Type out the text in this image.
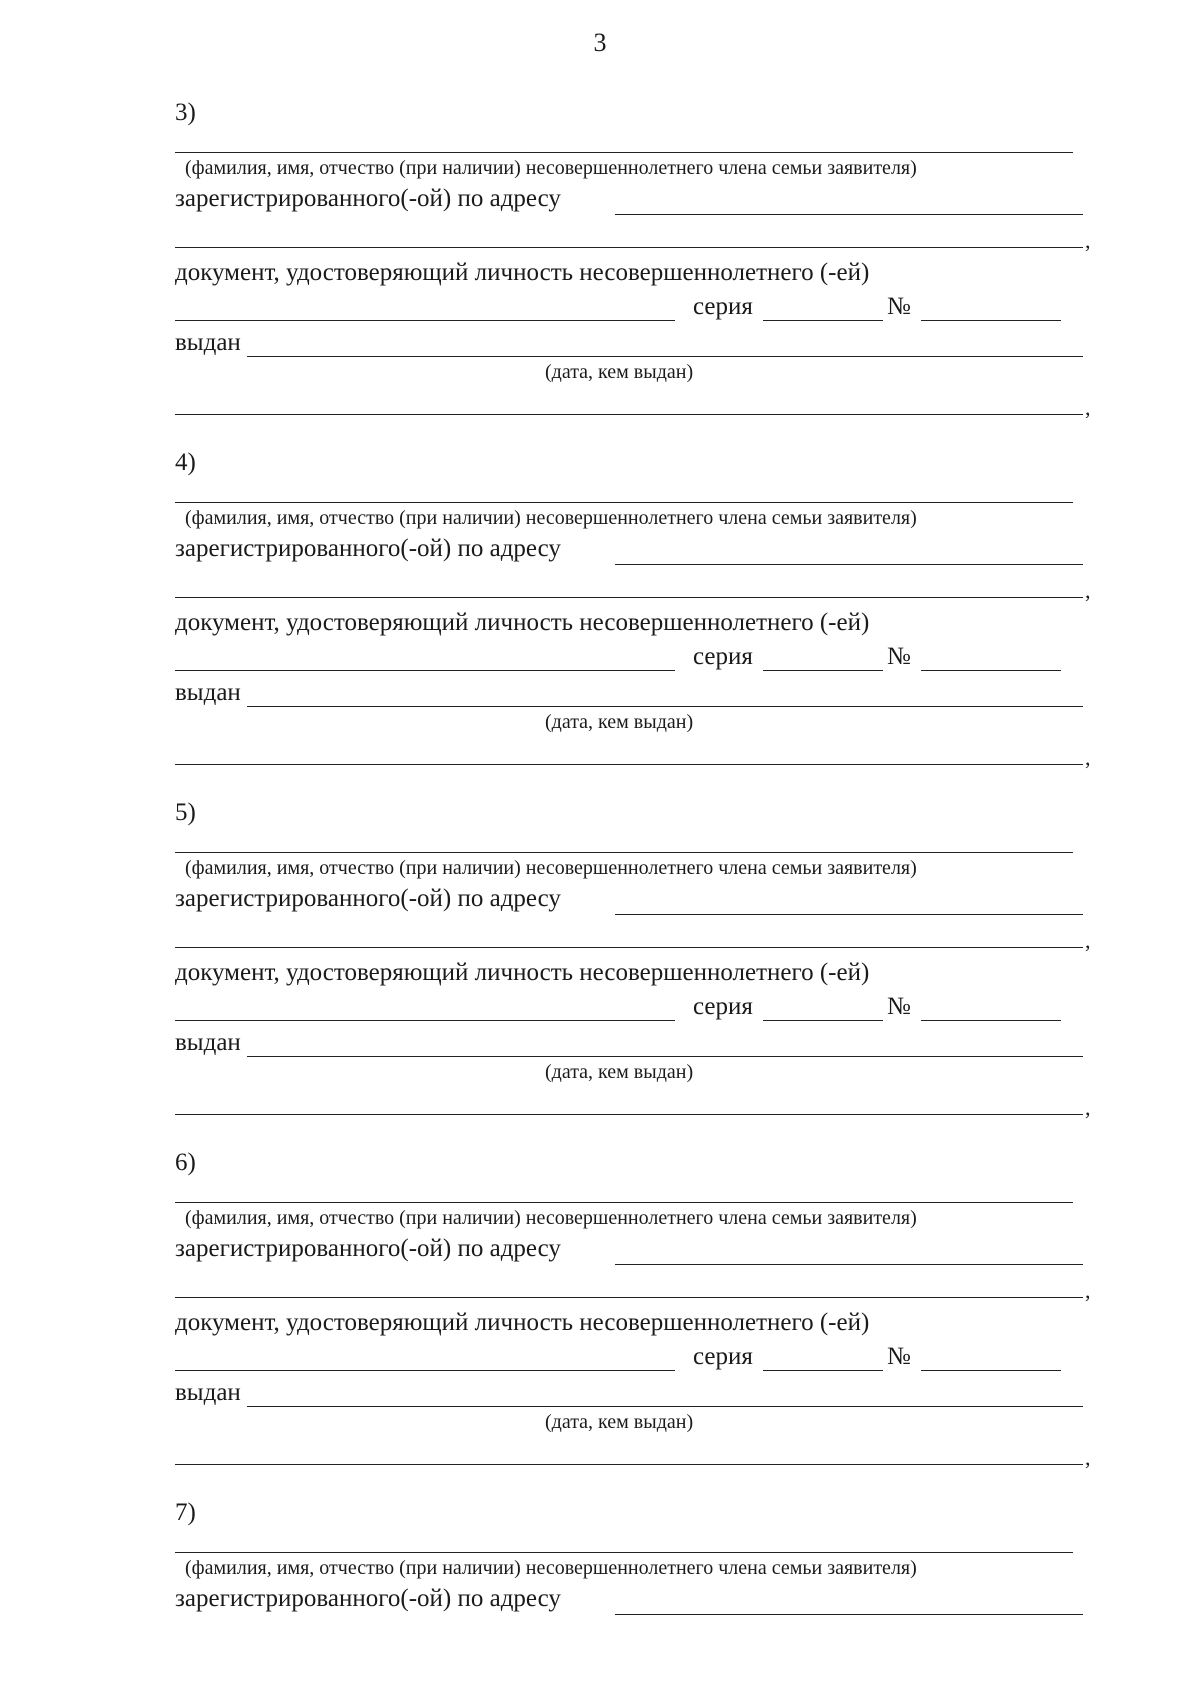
3
3)
(фамилия, имя, отчество (при наличии) несовершеннолетнего члена семьи заявителя)
зарегистрированного(-ой) по адресу
,
документ, удостоверяющий личность несовершеннолетнего (-ей)
серия	№
выдан
(дата, кем выдан)
,
4)
(фамилия, имя, отчество (при наличии) несовершеннолетнего члена семьи заявителя)
зарегистрированного(-ой) по адресу
,
документ, удостоверяющий личность несовершеннолетнего (-ей)
серия	№
выдан
(дата, кем выдан)
,
5)
(фамилия, имя, отчество (при наличии) несовершеннолетнего члена семьи заявителя)
зарегистрированного(-ой) по адресу
,
документ, удостоверяющий личность несовершеннолетнего (-ей)
серия	№
выдан
(дата, кем выдан)
,
6)
(фамилия, имя, отчество (при наличии) несовершеннолетнего члена семьи заявителя)
зарегистрированного(-ой) по адресу
,
документ, удостоверяющий личность несовершеннолетнего (-ей)
серия	№
выдан
(дата, кем выдан)
,
7)
(фамилия, имя, отчество (при наличии) несовершеннолетнего члена семьи заявителя)
зарегистрированного(-ой) по адресу
